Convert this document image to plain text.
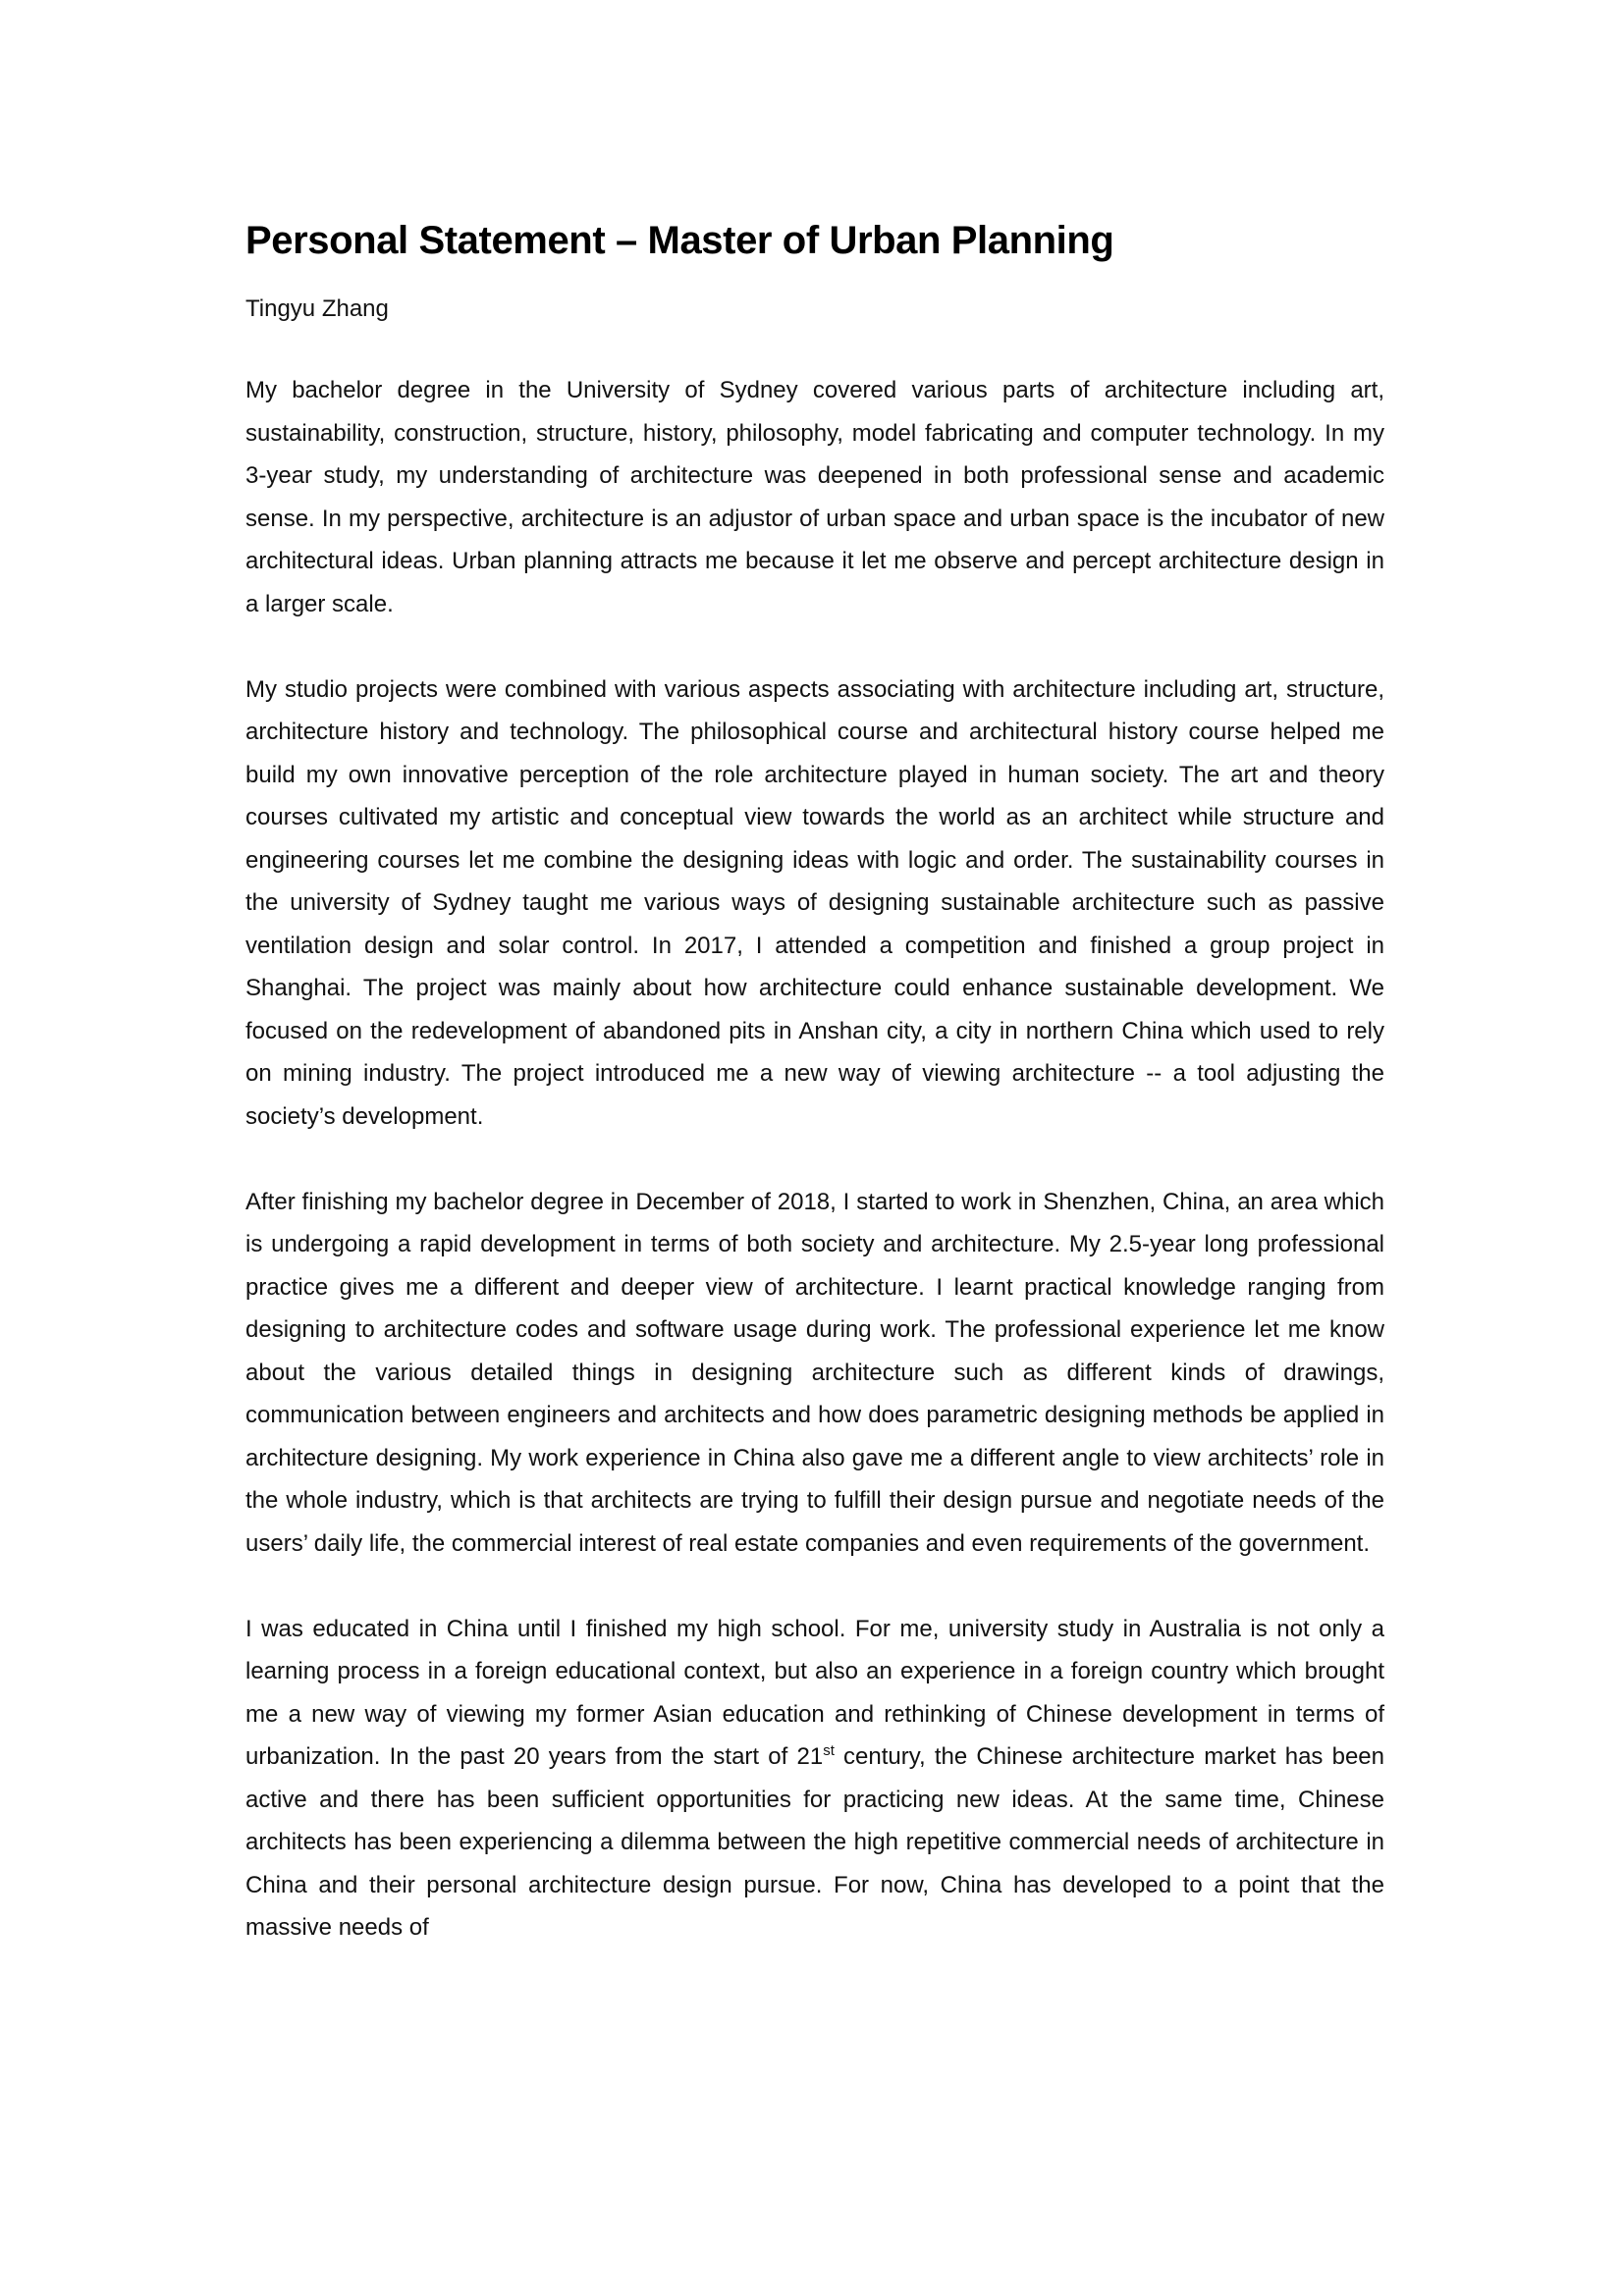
Personal Statement – Master of Urban Planning
Tingyu Zhang

My bachelor degree in the University of Sydney covered various parts of architecture including art, sustainability, construction, structure, history, philosophy, model fabricating and computer technology. In my 3-year study, my understanding of architecture was deepened in both professional sense and academic sense. In my perspective, architecture is an adjustor of urban space and urban space is the incubator of new architectural ideas. Urban planning attracts me because it let me observe and percept architecture design in a larger scale.

My studio projects were combined with various aspects associating with architecture including art, structure, architecture history and technology. The philosophical course and architectural history course helped me build my own innovative perception of the role architecture played in human society. The art and theory courses cultivated my artistic and conceptual view towards the world as an architect while structure and engineering courses let me combine the designing ideas with logic and order. The sustainability courses in the university of Sydney taught me various ways of designing sustainable architecture such as passive ventilation design and solar control. In 2017, I attended a competition and finished a group project in Shanghai. The project was mainly about how architecture could enhance sustainable development. We focused on the redevelopment of abandoned pits in Anshan city, a city in northern China which used to rely on mining industry. The project introduced me a new way of viewing architecture -- a tool adjusting the society’s development.

After finishing my bachelor degree in December of 2018, I started to work in Shenzhen, China, an area which is undergoing a rapid development in terms of both society and architecture. My 2.5-year long professional practice gives me a different and deeper view of architecture. I learnt practical knowledge ranging from designing to architecture codes and software usage during work. The professional experience let me know about the various detailed things in designing architecture such as different kinds of drawings, communication between engineers and architects and how does parametric designing methods be applied in architecture designing. My work experience in China also gave me a different angle to view architects’ role in the whole industry, which is that architects are trying to fulfill their design pursue and negotiate needs of the users’ daily life, the commercial interest of real estate companies and even requirements of the government.

I was educated in China until I finished my high school. For me, university study in Australia is not only a learning process in a foreign educational context, but also an experience in a foreign country which brought me a new way of viewing my former Asian education and rethinking of Chinese development in terms of urbanization. In the past 20 years from the start of 21st century, the Chinese architecture market has been active and there has been sufficient opportunities for practicing new ideas. At the same time, Chinese architects has been experiencing a dilemma between the high repetitive commercial needs of architecture in China and their personal architecture design pursue. For now, China has developed to a point that the massive needs of
